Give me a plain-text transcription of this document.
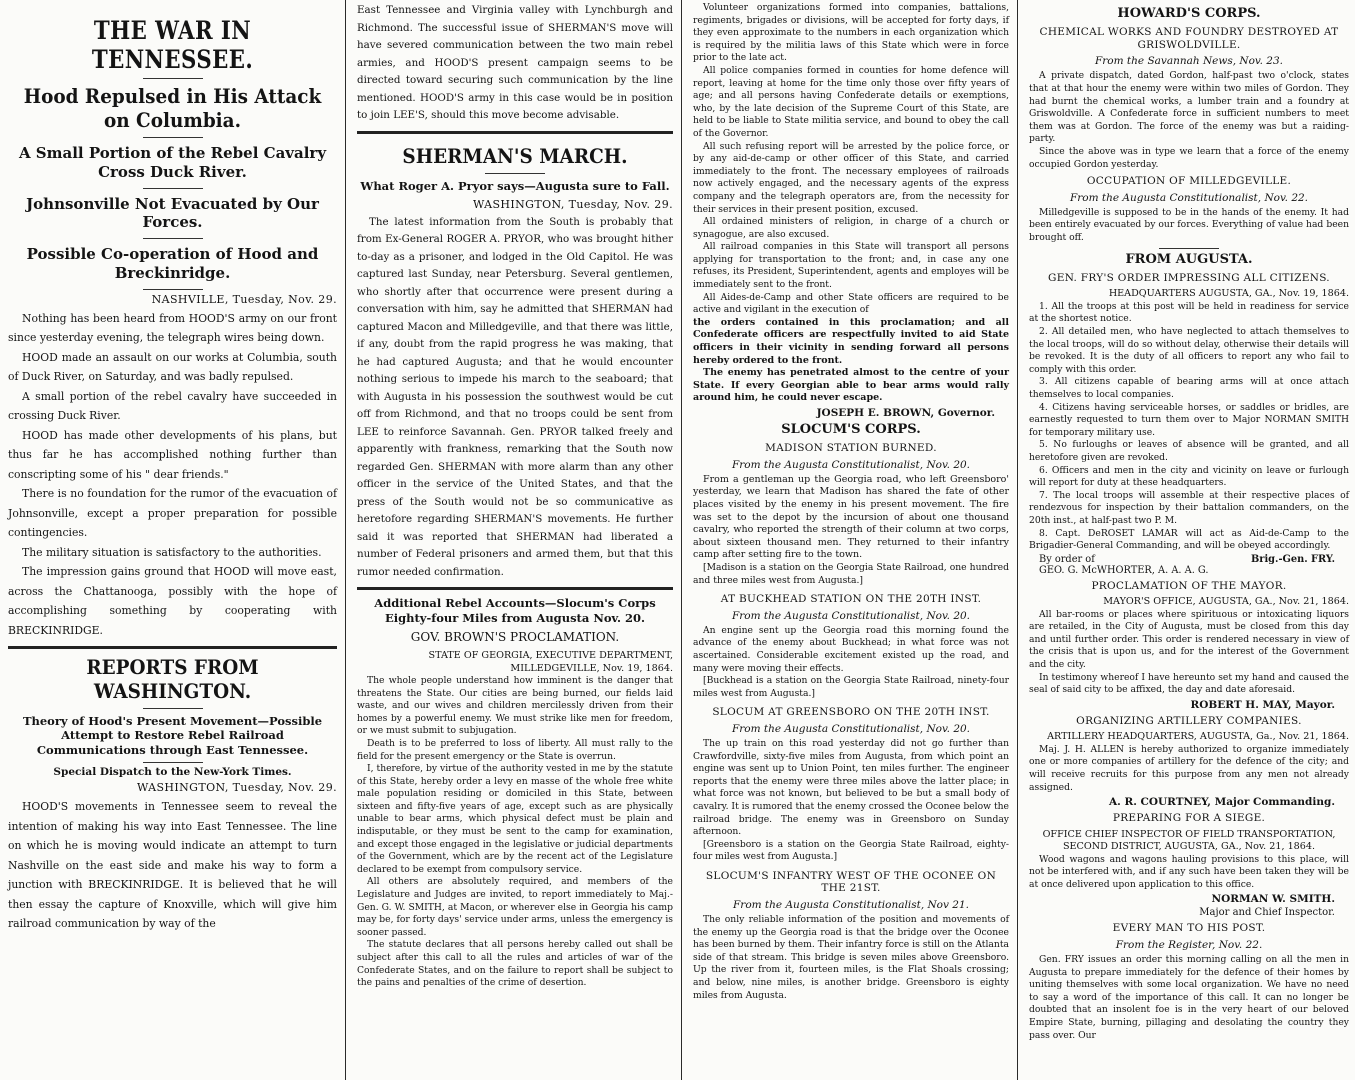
THE WAR IN TENNESSEE.
Hood Repulsed in His Attack on Columbia.
A Small Portion of the Rebel Cavalry Cross Duck River.
Johnsonville Not Evacuated by Our Forces.
Possible Co-operation of Hood and Breckinridge.
NASHVILLE, Tuesday, Nov. 29.

Nothing has been heard from HOOD'S army on our front since yesterday evening, the telegraph wires being down.

HOOD made an assault on our works at Columbia, south of Duck River, on Saturday, and was badly repulsed.

A small portion of the rebel cavalry have succeeded in crossing Duck River.

HOOD has made other developments of his plans, but thus far he has accomplished nothing further than conscripting some of his " dear friends."

There is no foundation for the rumor of the evacuation of Johnsonville, except a proper preparation for possible contingencies.

The military situation is satisfactory to the authorities.

The impression gains ground that HOOD will move east, across the Chattanooga, possibly with the hope of accomplishing something by cooperating with BRECKINRIDGE.

REPORTS FROM WASHINGTON.
Theory of Hood's Present Movement—Possible Attempt to Restore Rebel Railroad Communications through East Tennessee.
Special Dispatch to the New-York Times.
WASHINGTON, Tuesday, Nov. 29.

HOOD'S movements in Tennessee seem to reveal the intention of making his way into East Tennessee. The line on which he is moving would indicate an attempt to turn Nashville on the east side and make his way to form a junction with BRECKINRIDGE. It is believed that he will then essay the capture of Knoxville, which will give him railroad communication by way of the

East Tennessee and Virginia valley with Lynchburgh and Richmond. The successful issue of SHERMAN'S move will have severed communication between the two main rebel armies, and HOOD'S present campaign seems to be directed toward securing such communication by the line mentioned. HOOD'S army in this case would be in position to join LEE'S, should this move become advisable.

SHERMAN'S MARCH.
What Roger A. Pryor says—Augusta sure to Fall.
WASHINGTON, Tuesday, Nov. 29.

The latest information from the South is probably that from Ex-General ROGER A. PRYOR, who was brought hither to-day as a prisoner, and lodged in the Old Capitol. He was captured last Sunday, near Petersburg. Several gentlemen, who shortly after that occurrence were present during a conversation with him, say he admitted that SHERMAN had captured Macon and Milledgeville, and that there was little, if any, doubt from the rapid progress he was making, that he had captured Augusta; and that he would encounter nothing serious to impede his march to the seaboard; that with Augusta in his possession the southwest would be cut off from Richmond, and that no troops could be sent from LEE to reinforce Savannah. Gen. PRYOR talked freely and apparently with frankness, remarking that the South now regarded Gen. SHERMAN with more alarm than any other officer in the service of the United States, and that the press of the South would not be so communicative as heretofore regarding SHERMAN'S movements. He further said it was reported that SHERMAN had liberated a number of Federal prisoners and armed them, but that this rumor needed confirmation.

Additional Rebel Accounts—Slocum's Corps Eighty-four Miles from Augusta Nov. 20.
GOV. BROWN'S PROCLAMATION.
STATE OF GEORGIA, EXECUTIVE DEPARTMENT, MILLEDGEVILLE, Nov. 19, 1864.

The whole people understand how imminent is the danger that threatens the State. Our cities are being burned, our fields laid waste, and our wives and children mercilessly driven from their homes by a powerful enemy. We must strike like men for freedom, or we must submit to subjugation.

Death is to be preferred to loss of liberty. All must rally to the field for the present emergency or the State is overrun.

I, therefore, by virtue of the authority vested in me by the statute of this State, hereby order a levy en masse of the whole free white male population residing or domiciled in this State, between sixteen and fifty-five years of age, except such as are physically unable to bear arms, which physical defect must be plain and indisputable, or they must be sent to the camp for examination, and except those engaged in the legislative or judicial departments of the Government, which are by the recent act of the Legislature declared to be exempt from compulsory service.

All others are absolutely required, and members of the Legislature and Judges are invited, to report immediately to Maj.-Gen. G. W. SMITH, at Macon, or wherever else in Georgia his camp may be, for forty days' service under arms, unless the emergency is sooner passed.

The statute declares that all persons hereby called out shall be subject after this call to all the rules and articles of war of the Confederate States, and on the failure to report shall be subject to the pains and penalties of the crime of desertion.

Volunteer organizations formed into companies, battalions, regiments, brigades or divisions, will be accepted for forty days, if they even approximate to the numbers in each organization which is required by the militia laws of this State which were in force prior to the late act.

All police companies formed in counties for home defence will report, leaving at home for the time only those over fifty years of age; and all persons having Confederate details or exemptions, who, by the late decision of the Supreme Court of this State, are held to be liable to State militia service, and bound to obey the call of the Governor.

All such refusing report will be arrested by the police force, or by any aid-de-camp or other officer of this State, and carried immediately to the front. The necessary employees of railroads now actively engaged, and the necessary agents of the express company and the telegraph operators are, from the necessity for their services in their present position, excused.

All ordained ministers of religion, in charge of a church or synagogue, are also excused.

All railroad companies in this State will transport all persons applying for transportation to the front; and, in case any one refuses, its President, Superintendent, agents and employes will be immediately sent to the front.

All Aides-de-Camp and other State officers are required to be active and vigilant in the execution of

the orders contained in this proclamation; and all Confederate officers are respectfully invited to aid State officers in their vicinity in sending forward all persons hereby ordered to the front.

The enemy has penetrated almost to the centre of your State. If every Georgian able to bear arms would rally around him, he could never escape.

JOSEPH E. BROWN, Governor.
SLOCUM'S CORPS.
MADISON STATION BURNED.
From the Augusta Constitutionalist, Nov. 20.

From a gentleman up the Georgia road, who left Greensboro' yesterday, we learn that Madison has shared the fate of other places visited by the enemy in his present movement. The fire was set to the depot by the incursion of about one thousand cavalry, who reported the strength of their column at two corps, about sixteen thousand men. They returned to their infantry camp after setting fire to the town.

[Madison is a station on the Georgia State Railroad, one hundred and three miles west from Augusta.]

AT BUCKHEAD STATION ON THE 20TH INST.
From the Augusta Constitutionalist, Nov. 20.

An engine sent up the Georgia road this morning found the advance of the enemy about Buckhead; in what force was not ascertained. Considerable excitement existed up the road, and many were moving their effects.

[Buckhead is a station on the Georgia State Railroad, ninety-four miles west from Augusta.]

SLOCUM AT GREENSBORO ON THE 20TH INST.
From the Augusta Constitutionalist, Nov. 20.

The up train on this road yesterday did not go further than Crawfordville, sixty-five miles from Augusta, from which point an engine was sent up to Union Point, ten miles further. The engineer reports that the enemy were three miles above the latter place; in what force was not known, but believed to be but a small body of cavalry. It is rumored that the enemy crossed the Oconee below the railroad bridge. The enemy was in Greensboro on Sunday afternoon.

[Greensboro is a station on the Georgia State Railroad, eighty-four miles west from Augusta.]

SLOCUM'S INFANTRY WEST OF THE OCONEE ON THE 21ST.
From the Augusta Constitutionalist, Nov 21.

The only reliable information of the position and movements of the enemy up the Georgia road is that the bridge over the Oconee has been burned by them. Their infantry force is still on the Atlanta side of that stream. This bridge is seven miles above Greensboro. Up the river from it, fourteen miles, is the Flat Shoals crossing; and below, nine miles, is another bridge. Greensboro is eighty miles from Augusta.

HOWARD'S CORPS.
CHEMICAL WORKS AND FOUNDRY DESTROYED AT GRISWOLDVILLE.
From the Savannah News, Nov. 23.

A private dispatch, dated Gordon, half-past two o'clock, states that at that hour the enemy were within two miles of Gordon. They had burnt the chemical works, a lumber train and a foundry at Griswoldville. A Confederate force in sufficient numbers to meet them was at Gordon. The force of the enemy was but a raiding-party.

Since the above was in type we learn that a force of the enemy occupied Gordon yesterday.

OCCUPATION OF MILLEDGEVILLE.
From the Augusta Constitutionalist, Nov. 22.

Milledgeville is supposed to be in the hands of the enemy. It had been entirely evacuated by our forces. Everything of value had been brought off.

FROM AUGUSTA.
GEN. FRY'S ORDER IMPRESSING ALL CITIZENS.
HEADQUARTERS AUGUSTA, GA., Nov. 19, 1864.

1. All the troops at this post will be held in readiness for service at the shortest notice.

2. All detailed men, who have neglected to attach themselves to the local troops, will do so without delay, otherwise their details will be revoked. It is the duty of all officers to report any who fail to comply with this order.

3. All citizens capable of bearing arms will at once attach themselves to local companies.

4. Citizens having serviceable horses, or saddles or bridles, are earnestly requested to turn them over to Major NORMAN SMITH for temporary military use.

5. No furloughs or leaves of absence will be granted, and all heretofore given are revoked.

6. Officers and men in the city and vicinity on leave or furlough will report for duty at these headquarters.

7. The local troops will assemble at their respective places of rendezvous for inspection by their battalion commanders, on the 20th inst., at half-past two P. M.

8. Capt. DeROSET LAMAR will act as Aid-de-Camp to the Brigadier-General Commanding, and will be obeyed accordingly.

By order of	Brig.-Gen. FRY.
GEO. G. McWHORTER, A. A. A. G.
PROCLAMATION OF THE MAYOR.
MAYOR'S OFFICE, AUGUSTA, GA., Nov. 21, 1864.

All bar-rooms or places where spirituous or intoxicating liquors are retailed, in the City of Augusta, must be closed from this day and until further order. This order is rendered necessary in view of the crisis that is upon us, and for the interest of the Government and the city.

In testimony whereof I have hereunto set my hand and caused the seal of said city to be affixed, the day and date aforesaid.

ROBERT H. MAY, Mayor.
ORGANIZING ARTILLERY COMPANIES.
ARTILLERY HEADQUARTERS, AUGUSTA, Ga., Nov. 21, 1864.

Maj. J. H. ALLEN is hereby authorized to organize immediately one or more companies of artillery for the defence of the city; and will receive recruits for this purpose from any men not already assigned.

A. R. COURTNEY, Major Commanding.
PREPARING FOR A SIEGE.
OFFICE CHIEF INSPECTOR OF FIELD TRANSPORTATION, SECOND DISTRICT, AUGUSTA, GA., Nov. 21, 1864.

Wood wagons and wagons hauling provisions to this place, will not be interfered with, and if any such have been taken they will be at once delivered upon application to this office.

NORMAN W. SMITH.
Major and Chief Inspector.
EVERY MAN TO HIS POST.
From the Register, Nov. 22.

Gen. FRY issues an order this morning calling on all the men in Augusta to prepare immediately for the defence of their homes by uniting themselves with some local organization. We have no need to say a word of the importance of this call. It can no longer be doubted that an insolent foe is in the very heart of our beloved Empire State, burning, pillaging and desolating the country they pass over. Our
